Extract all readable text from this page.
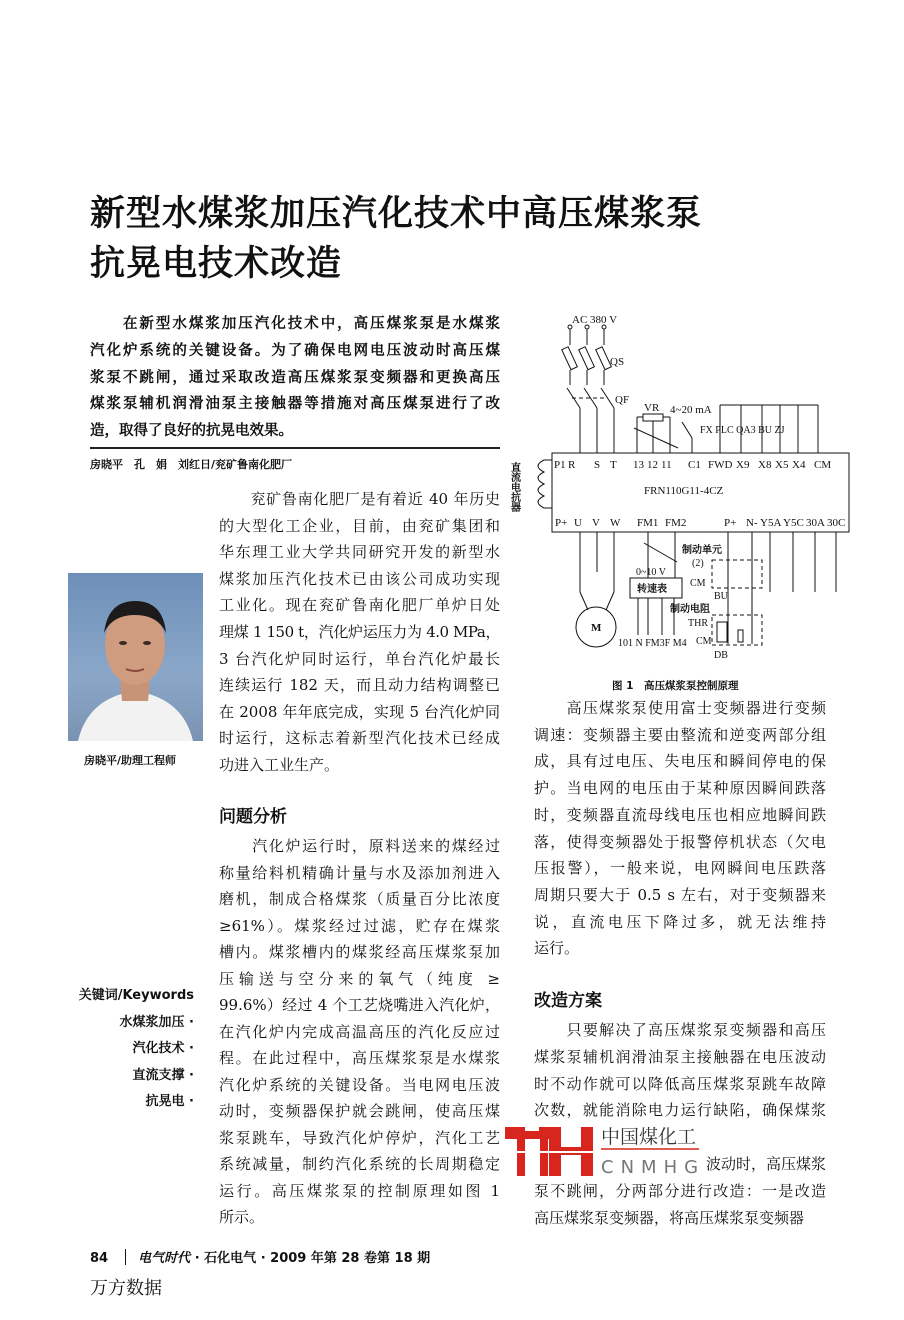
新型水煤浆加压汽化技术中高压煤浆泵
抗晃电技术改造
　　在新型水煤浆加压汽化技术中，高压煤浆泵是水煤浆
汽化炉系统的关键设备。为了确保电网电压波动时高压煤
浆泵不跳闸，通过采取改造高压煤浆泵变频器和更换高压
煤浆泵辅机润滑油泵主接触器等措施对高压煤泵进行了改
造，取得了良好的抗晃电效果。
房晓平　孔　娟　刘红日/兖矿鲁南化肥厂
房晓平/助理工程师
　　兖矿鲁南化肥厂是有着近 40 年历史
的大型化工企业，目前，由兖矿集团和
华东理工业大学共同研究开发的新型水
煤浆加压汽化技术已由该公司成功实现
工业化。现在兖矿鲁南化肥厂单炉日处
理煤 1 150 t，汽化炉运压力为 4.0 MPa，
3 台汽化炉同时运行，单台汽化炉最长
连续运行 182 天，而且动力结构调整已
在 2008 年年底完成，实现 5 台汽化炉同
时运行，这标志着新型汽化技术已经成
功进入工业生产。
问题分析
　　汽化炉运行时，原料送来的煤经过
称量给料机精确计量与水及添加剂进入
磨机，制成合格煤浆（质量百分比浓度
≥61%）。煤浆经过过滤，贮存在煤浆
槽内。煤浆槽内的煤浆经高压煤浆泵加
压输送与空分来的氧气（纯度 ≥
99.6%）经过 4 个工艺烧嘴进入汽化炉，
在汽化炉内完成高温高压的汽化反应过
程。在此过程中，高压煤浆泵是水煤浆
汽化炉系统的关键设备。当电网电压波
动时，变频器保护就会跳闸，使高压煤
浆泵跳车，导致汽化炉停炉，汽化工艺
系统减量，制约汽化系统的长周期稳定
运行。高压煤浆泵的控制原理如图 1
所示。
关键词/Keywords
水煤浆加压 ·
汽化技术 ·
直流支撑 ·
抗晃电 ·
AC 380 V
QS
QF
VR 4~20 mA
FX PLC QA3 BU ZJ
直流电抗器	FRN110G11-4CZ
P1 R S T 13 12 11 C1 FWD X9 X8 X5 X4 CM
P+ U V W FM1 FM2	P+ N- Y5A Y5C 30A 30C
M
0~10 V
转速表
101 N FM3F M4
制动单元
(2)
CM
BU
制动电阻
THR
CM
DB
图 1　高压煤浆泵控制原理
　　高压煤浆泵使用富士变频器进行变频
调速：变频器主要由整流和逆变两部分组
成，具有过电压、失电压和瞬间停电的保
护。当电网的电压由于某种原因瞬间跌落
时，变频器直流母线电压也相应地瞬间跌
落，使得变频器处于报警停机状态（欠电
压报警），一般来说，电网瞬间电压跌落
周期只要大于 0.5 s 左右，对于变频器来
说，直流电压下降过多，就无法维持
运行。
改造方案
　　只要解决了高压煤浆泵变频器和高压
煤浆泵辅机润滑油泵主接触器在电压波动
时不动作就可以降低高压煤浆泵跳车故障
次数，就能消除电力运行缺陷，确保煤浆
波动时，高压煤浆
泵不跳闸，分两部分进行改造：一是改造
高压煤浆泵变频器，将高压煤浆泵变频器
中国煤化工
CNMHG
84 电气时代 · 石化电气 · 2009 年第 28 卷第 18 期
万方数据
